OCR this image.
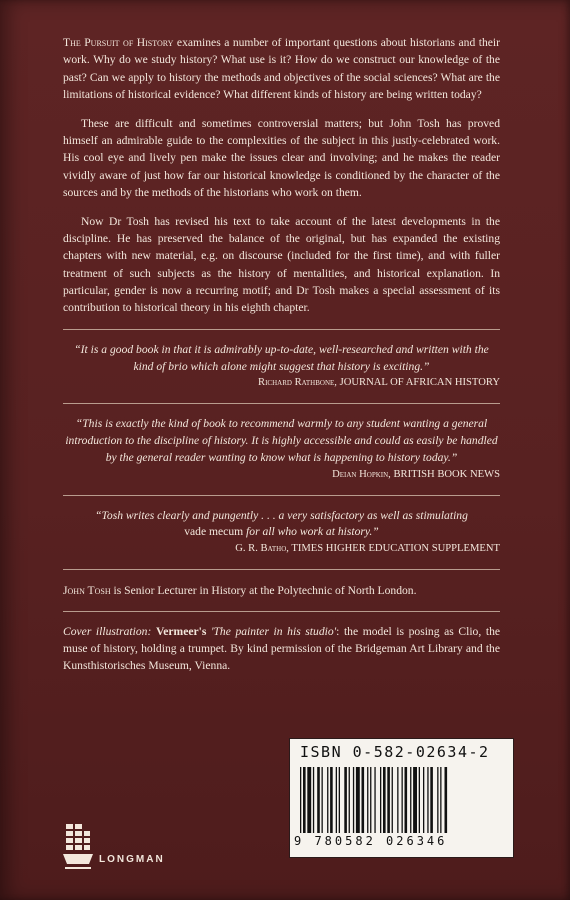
The Pursuit of History examines a number of important questions about historians and their work. Why do we study history? What use is it? How do we construct our knowledge of the past? Can we apply to history the methods and objectives of the social sciences? What are the limitations of historical evidence? What different kinds of history are being written today?

These are difficult and sometimes controversial matters; but John Tosh has proved himself an admirable guide to the complexities of the subject in this justly-celebrated work. His cool eye and lively pen make the issues clear and involving; and he makes the reader vividly aware of just how far our historical knowledge is conditioned by the character of the sources and by the methods of the historians who work on them.

Now Dr Tosh has revised his text to take account of the latest developments in the discipline. He has preserved the balance of the original, but has expanded the existing chapters with new material, e.g. on discourse (included for the first time), and with fuller treatment of such subjects as the history of mentalities, and historical explanation. In particular, gender is now a recurring motif; and Dr Tosh makes a special assessment of its contribution to historical theory in his eighth chapter.

“It is a good book in that it is admirably up-to-date, well-researched and written with the kind of brio which alone might suggest that history is exciting.”

Richard Rathbone, JOURNAL OF AFRICAN HISTORY

“This is exactly the kind of book to recommend warmly to any student wanting a general introduction to the discipline of history. It is highly accessible and could as easily be handled by the general reader wanting to know what is happening to history today.”

Deian Hopkin, BRITISH BOOK NEWS

“Tosh writes clearly and pungently . . . a very satisfactory as well as stimulating
vade mecum for all who work at history.”

G. R. Batho, TIMES HIGHER EDUCATION SUPPLEMENT

John Tosh is Senior Lecturer in History at the Polytechnic of North London.

Cover illustration: Vermeer's 'The painter in his studio': the model is posing as Clio, the muse of history, holding a trumpet. By kind permission of the Bridgeman Art Library and the Kunsthistorisches Museum, Vienna.

LONGMAN
ISBN 0-582-02634-2
9 780582 026346
